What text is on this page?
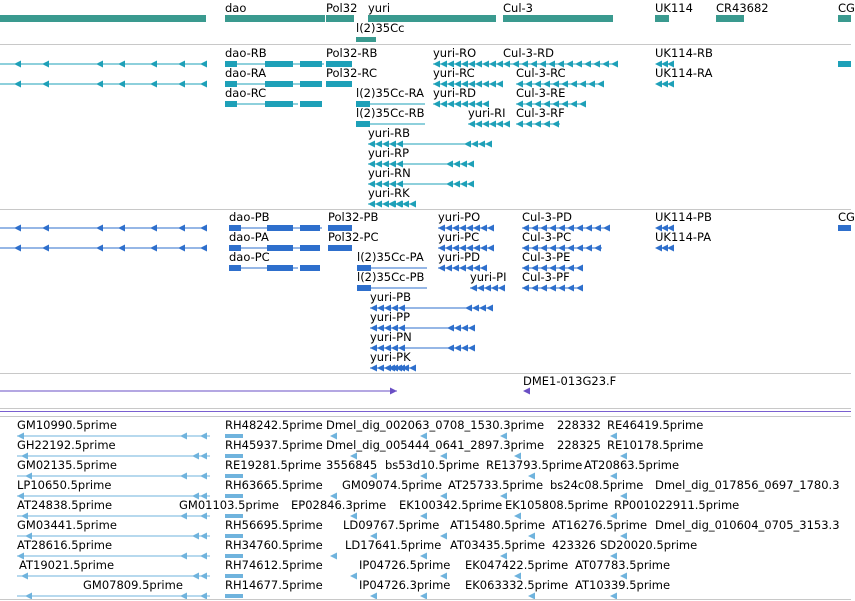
dao	Pol32 yuri
l(2)35Cc
Cul-3	UK114 CR43682	CG
dao-RB
dao-RA
dao-RC
Pol32-RB
Pol32-RC
l(2)35Cc-RA
l(2)35Cc-RB
yuri-RO
yuri-RC
yuri-RD
yuri-RI
yuri-RB
yuri-RP
yuri-RN
yuri-RK
Cul-3-RD
Cul-3-RC
Cul-3-RE
Cul-3-RF
UK114-RB
UK114-RA
dao-PB
dao-PA
dao-PC
Pol32-PB
Pol32-PC
l(2)35Cc-PA
l(2)35Cc-PB
yuri-PO
yuri-PC
yuri-PD
yuri-PI
yuri-PB
yuri-PP
yuri-PN
yuri-PK
Cul-3-PD
Cul-3-PC
Cul-3-PE
Cul-3-PF
UK114-PB
UK114-PA
CG
DME1-013G23.F
GM10990.5prime	RH48242.5prime Dmel_dig_002063_0708_1530.3prime 228332 RE46419.5prime
GH22192.5prime	RH45937.5prime Dmel_dig_005444_0641_2897.3prime 228325 RE10178.5prime
GM02135.5prime	RE19281.5prime 3556845 bs53d10.5prime RE13793.5prime AT20863.5prime
LP10650.5prime	RH63665.5prime GM09074.5prime AT25733.5prime bs24c08.5prime Dmel_dig_017856_0697_1780.3
AT24838.5prime	GM01103.5prime EP02846.3prime EK100342.5prime EK105808.5prime RP001022911.5prime
GM03441.5prime	RH56695.5prime LD09767.5prime AT15480.5prime AT16276.5prime Dmel_dig_010604_0705_3153.3
AT28616.5prime	RH34760.5prime LD17641.5prime AT03435.5prime 423326 SD20020.5prime
AT19021.5prime	RH74612.5prime	IP04726.5prime EK047422.5prime AT07783.5prime
GM07809.5prime	RH14677.5prime	IP04726.3prime EK063332.5prime AT10339.5prime
